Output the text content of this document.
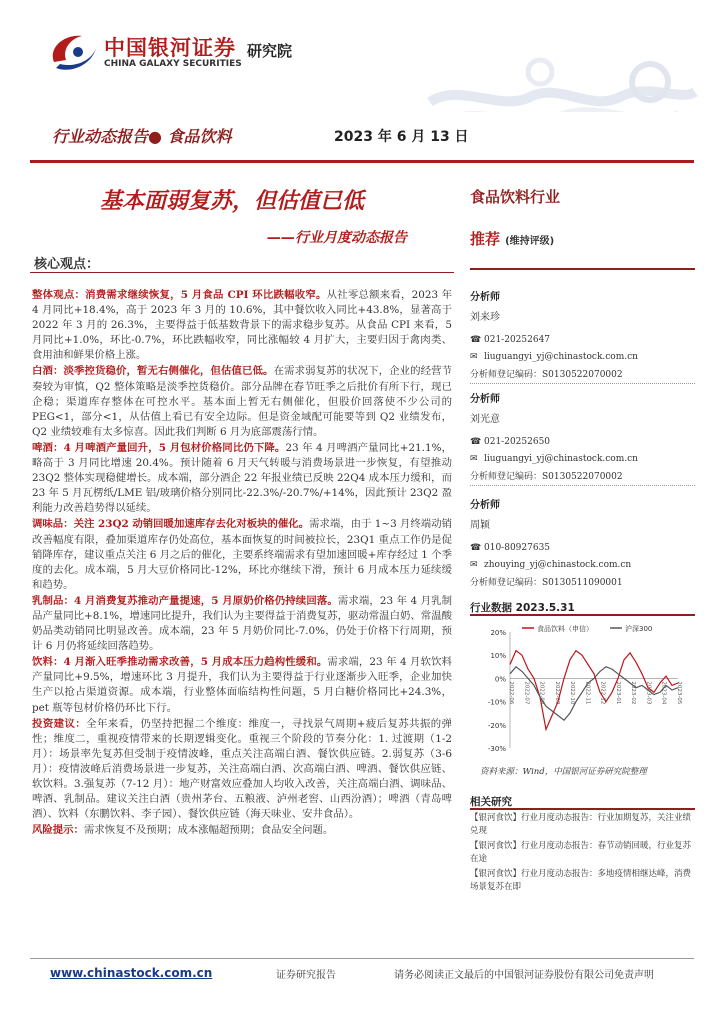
中国银河证券
CHINA GALAXY SECURITIES
研究院
行业动态报告● 食品饮料	2023 年 6 月 13 日
基本面弱复苏，但估值已低
——行业月度动态报告
核心观点：

整体观点：消费需求继续恢复，5 月食品 CPI 环比跌幅收窄。从社零总额来看，2023 年 4 月同比+18.4%，高于 2023 年 3 月的 10.6%，其中餐饮收入同比+43.8%，显著高于 2022 年 3 月的 26.3%，主要得益于低基数背景下的需求稳步复苏。从食品 CPI 来看，5 月同比+1.0%，环比-0.7%，环比跌幅收窄，同比涨幅较 4 月扩大，主要归因于禽肉类、食用油和鲜果价格上涨。

白酒：淡季控货稳价，暂无右侧催化，但估值已低。在需求弱复苏的状况下，企业的经营节奏较为审慎，Q2 整体策略是淡季控货稳价。部分品牌在春节旺季之后批价有所下行，现已企稳；渠道库存整体在可控水平。基本面上暂无右侧催化，但股价回落使不少公司的 PEG<1，部分<1，从估值上看已有安全边际。但是资金域配可能要等到 Q2 业绩发布，Q2 业绩较难有太多惊喜。因此我们判断 6 月为底部震荡行情。

啤酒：4 月啤酒产量回升，5 月包材价格同比仍下降。23 年 4 月啤酒产量同比+21.1%，略高于 3 月同比增速 20.4%。预计随着 6 月天气转暖与消费场景进一步恢复，有望推动 23Q2 整体实现稳健增长。成本端，部分酒企 22 年报业绩已反映 22Q4 成本压力缓和，而 23 年 5 月瓦楞纸/LME 铝/玻璃价格分别同比-22.3%/-20.7%/+14%，因此预计 23Q2 盈利能力改善趋势得以延续。

调味品：关注 23Q2 动销回暖加速库存去化对板块的催化。需求端，由于 1~3 月终端动销改善幅度有限，叠加渠道库存仍处高位，基本面恢复的时间被拉长，23Q1 重点工作仍是促销降库存，建议重点关注 6 月之后的催化，主要系终端需求有望加速回暖+库存经过 1 个季度的去化。成本端，5 月大豆价格同比-12%，环比亦继续下滑，预计 6 月成本压力延续缓和趋势。

乳制品：4 月消费复苏推动产量提速，5 月原奶价格仍持续回落。需求端，23 年 4 月乳制品产量同比+8.1%，增速同比提升，我们认为主要得益于消费复苏，驱动常温白奶、常温酸奶品类动销同比明显改善。成本端，23 年 5 月奶价同比-7.0%，仍处于价格下行周期，预计 6 月仍将延续回落趋势。

饮料：4 月渐入旺季推动需求改善，5 月成本压力趋构性缓和。需求端，23 年 4 月软饮料产量同比+9.5%，增速环比 3 月提升，我们认为主要得益于行业逐渐步入旺季，企业加快生产以抢占渠道资源。成本端，行业整体面临结构性问题，5 月白糖价格同比+24.3%，pet 瓶等包材价格仍环比下行。

投资建议：全年来看，仍坚持把握二个维度：维度一，寻找景气周期+疲后复苏共振的弹性；维度二，重视疫情带来的长期逻辑变化。重视三个阶段的节奏分化：1. 过渡期（1-2 月）：场景率先复苏但受制于疫情波峰，重点关注高端白酒、餐饮供应链。2.弱复苏（3-6 月）：疫情波峰后消费场景进一步复苏，关注高端白酒、次高端白酒、啤酒、餐饮供应链、软饮料。3.强复苏（7-12 月）：地产财富效应叠加人均收入改善，关注高端白酒、调味品、啤酒、乳制品。建议关注白酒（贵州茅台、五粮液、泸州老窖、山西汾酒）；啤酒（青岛啤酒）、饮料（东鹏饮料、李子园）、餐饮供应链（海天味业、安井食品）。

风险提示：需求恢复不及预期；成本涨幅超预期；食品安全问题。

食品饮料行业
推荐 (维持评级)
分析师
刘来珍
☎ 021-20252647
✉ liuguangyi_yj@chinastock.com.cn
分析师登记编码：S0130522070002
分析师
刘光意
☎ 021-20252650
✉ liuguangyi_yj@chinastock.com.cn
分析师登记编码：S0130522070002
分析师
周颖
☎ 010-80927635
✉ zhouying_yj@chinastock.com.cn
分析师登记编码：S0130511090001
行业数据 2023.5.31
20%
10%
0%
-10%
-20%
-30%
2022-06 2022-07 2022-08 2022-09 2022-10 2022-11 2022-12 2023-01 2023-02 2023-03 2023-04 2023-05
食品饮料（申信）	沪深300
资料来源：Wind，中国银河证券研究院整理
相关研究
【银河食饮】行业月度动态报告：行业加期复苏，关注业绩兑现
【银河食饮】行业月度动态报告：春节动销回暖，行业复苏在途
【银河食饮】行业月度动态报告：多地疫情相继达峰，消费场景复苏在即
www.chinastock.com.cn	证券研究报告	请务必阅读正文最后的中国银河证券股份有限公司免责声明
